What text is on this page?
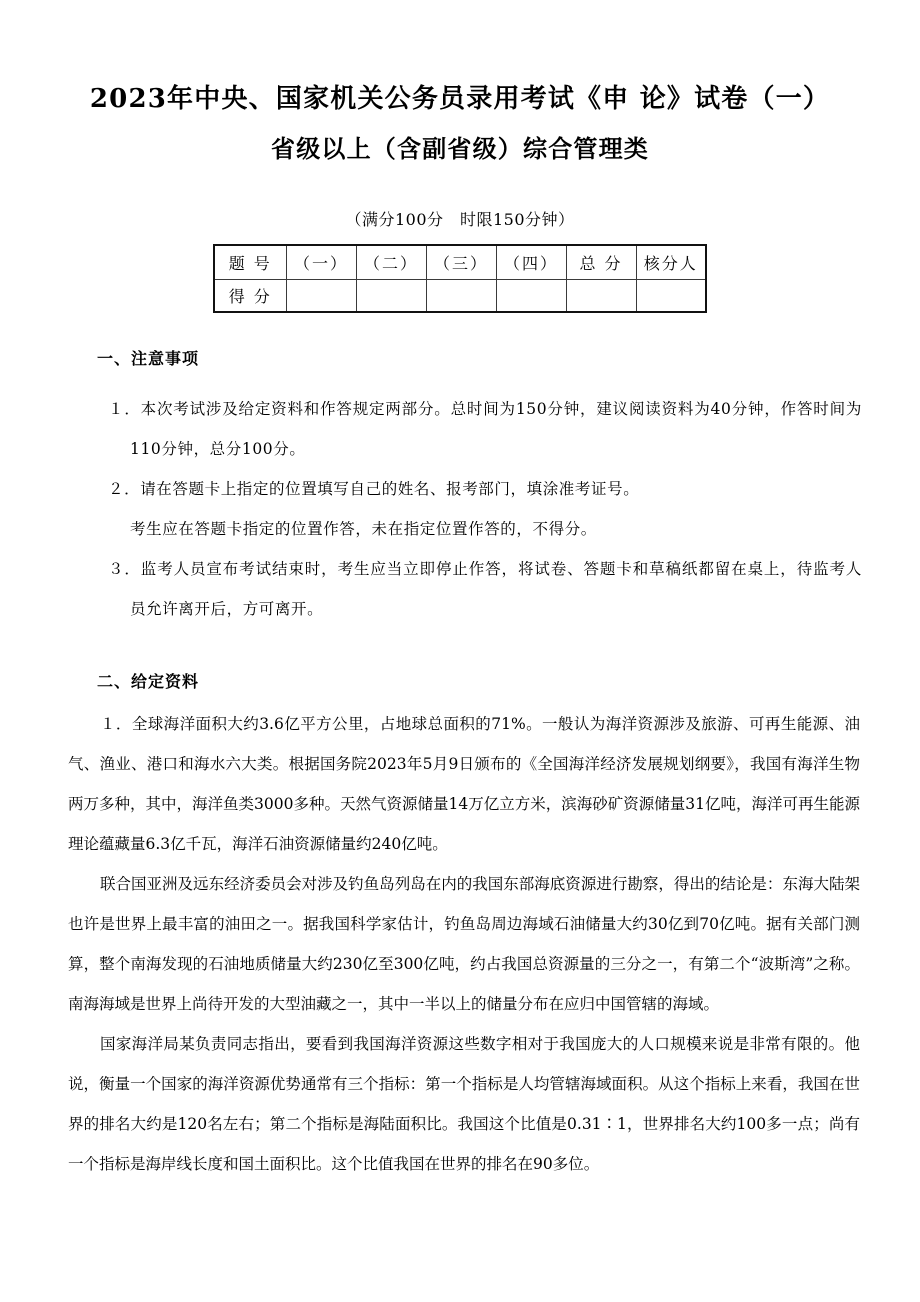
2023年中央、国家机关公务员录用考试《申 论》试卷（一）
省级以上（含副省级）综合管理类
（满分100分　时限150分钟）
题 号	（一）	（二）	（三）	（四）	总 分	核分人
得 分						
一、注意事项

１．本次考试涉及给定资料和作答规定两部分。总时间为150分钟，建议阅读资料为40分钟，作答时间为110分钟，总分100分。

２．请在答题卡上指定的位置填写自己的姓名、报考部门，填涂准考证号。

考生应在答题卡指定的位置作答，未在指定位置作答的，不得分。

３．监考人员宣布考试结束时，考生应当立即停止作答，将试卷、答题卡和草稿纸都留在桌上，待监考人员允许离开后，方可离开。

二、给定资料

１．全球海洋面积大约3.6亿平方公里，占地球总面积的71%。一般认为海洋资源涉及旅游、可再生能源、油气、渔业、港口和海水六大类。根据国务院2023年5月9日颁布的《全国海洋经济发展规划纲要》，我国有海洋生物两万多种，其中，海洋鱼类3000多种。天然气资源储量14万亿立方米，滨海砂矿资源储量31亿吨，海洋可再生能源理论蕴藏量6.3亿千瓦，海洋石油资源储量约240亿吨。

联合国亚洲及远东经济委员会对涉及钓鱼岛列岛在内的我国东部海底资源进行勘察，得出的结论是：东海大陆架也许是世界上最丰富的油田之一。据我国科学家估计，钓鱼岛周边海域石油储量大约30亿到70亿吨。据有关部门测算，整个南海发现的石油地质储量大约230亿至300亿吨，约占我国总资源量的三分之一，有第二个“波斯湾”之称。南海海域是世界上尚待开发的大型油藏之一，其中一半以上的储量分布在应归中国管辖的海域。

国家海洋局某负责同志指出，要看到我国海洋资源这些数字相对于我国庞大的人口规模来说是非常有限的。他说，衡量一个国家的海洋资源优势通常有三个指标：第一个指标是人均管辖海域面积。从这个指标上来看，我国在世界的排名大约是120名左右；第二个指标是海陆面积比。我国这个比值是0.31∶1，世界排名大约100多一点；尚有一个指标是海岸线长度和国土面积比。这个比值我国在世界的排名在90多位。
